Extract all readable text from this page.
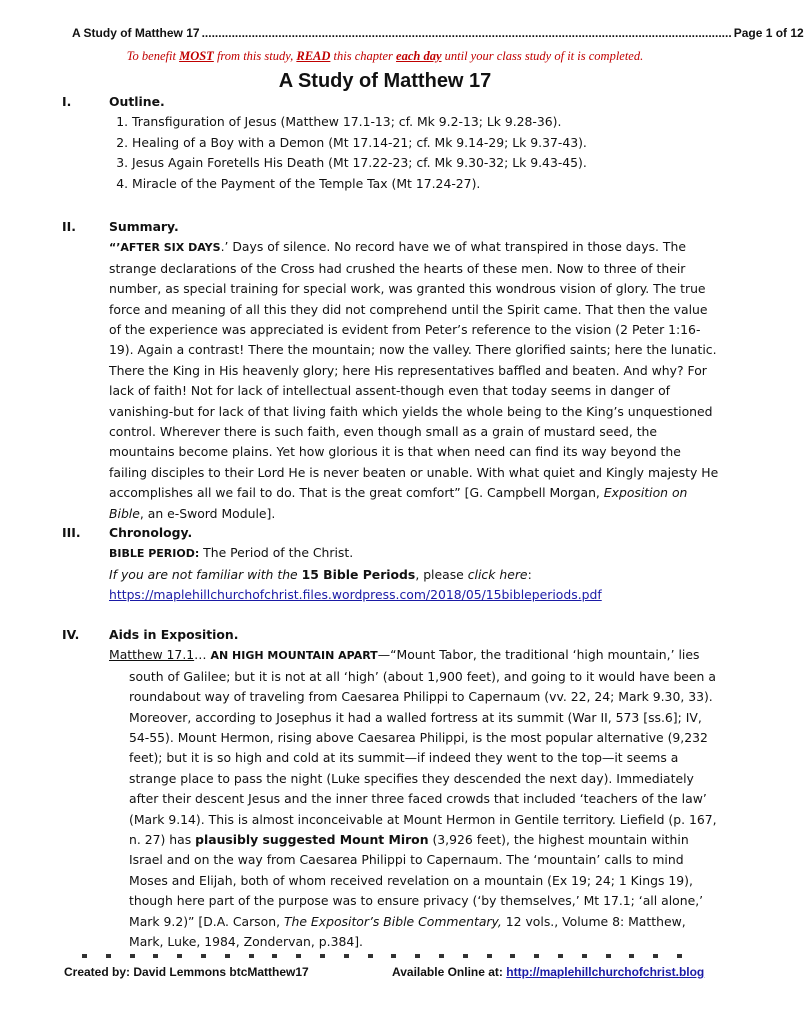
A Study of Matthew 17 ............................................................................................................................................................... Page 1 of 12
To benefit MOST from this study, READ this chapter each day until your class study of it is completed.
A Study of Matthew 17
I.	Outline.
1. Transfiguration of Jesus (Matthew 17.1-13; cf. Mk 9.2-13; Lk 9.28-36).
2. Healing of a Boy with a Demon (Mt 17.14-21; cf. Mk 9.14-29; Lk 9.37-43).
3. Jesus Again Foretells His Death (Mt 17.22-23; cf. Mk 9.30-32; Lk 9.43-45).
4. Miracle of the Payment of the Temple Tax (Mt 17.24-27).
II.	Summary.
“’AFTER SIX DAYS.’ Days of silence. No record have we of what transpired in those days. The strange declarations of the Cross had crushed the hearts of these men. Now to three of their number, as special training for special work, was granted this wondrous vision of glory. The true force and meaning of all this they did not comprehend until the Spirit came. That then the value of the experience was appreciated is evident from Peter’s reference to the vision (2 Peter 1:16-19). Again a contrast! There the mountain; now the valley. There glorified saints; here the lunatic. There the King in His heavenly glory; here His representatives baffled and beaten. And why? For lack of faith! Not for lack of intellectual assent-though even that today seems in danger of vanishing-but for lack of that living faith which yields the whole being to the King’s unquestioned control. Wherever there is such faith, even though small as a grain of mustard seed, the mountains become plains. Yet how glorious it is that when need can find its way beyond the failing disciples to their Lord He is never beaten or unable. With what quiet and Kingly majesty He accomplishes all we fail to do. That is the great comfort” [G. Campbell Morgan, Exposition on Bible, an e-Sword Module].
III. Chronology.
BIBLE PERIOD: The Period of the Christ.
If you are not familiar with the 15 Bible Periods, please click here:
https://maplehillchurchofchrist.files.wordpress.com/2018/05/15bibleperiods.pdf
IV. Aids in Exposition.
Matthew 17.1… AN HIGH MOUNTAIN APART—“Mount Tabor, the traditional ‘high mountain,’ lies south of Galilee; but it is not at all ‘high’ (about 1,900 feet), and going to it would have been a roundabout way of traveling from Caesarea Philippi to Capernaum (vv. 22, 24; Mark 9.30, 33). Moreover, according to Josephus it had a walled fortress at its summit (War II, 573 [ss.6]; IV, 54-55). Mount Hermon, rising above Caesarea Philippi, is the most popular alternative (9,232 feet); but it is so high and cold at its summit—if indeed they went to the top—it seems a strange place to pass the night (Luke specifies they descended the next day). Immediately after their descent Jesus and the inner three faced crowds that included ‘teachers of the law’ (Mark 9.14). This is almost inconceivable at Mount Hermon in Gentile territory. Liefield (p. 167, n. 27) has plausibly suggested Mount Miron (3,926 feet), the highest mountain within Israel and on the way from Caesarea Philippi to Capernaum. The ‘mountain’ calls to mind Moses and Elijah, both of whom received revelation on a mountain (Ex 19; 24; 1 Kings 19), though here part of the purpose was to ensure privacy (‘by themselves,’ Mt 17.1; ‘all alone,’ Mark 9.2)” [D.A. Carson, The Expositor’s Bible Commentary, 12 vols., Volume 8: Matthew, Mark, Luke, 1984, Zondervan, p.384].
Created by: David Lemmons btcMatthew17	Available Online at: http://maplehillchurchofchrist.blog
